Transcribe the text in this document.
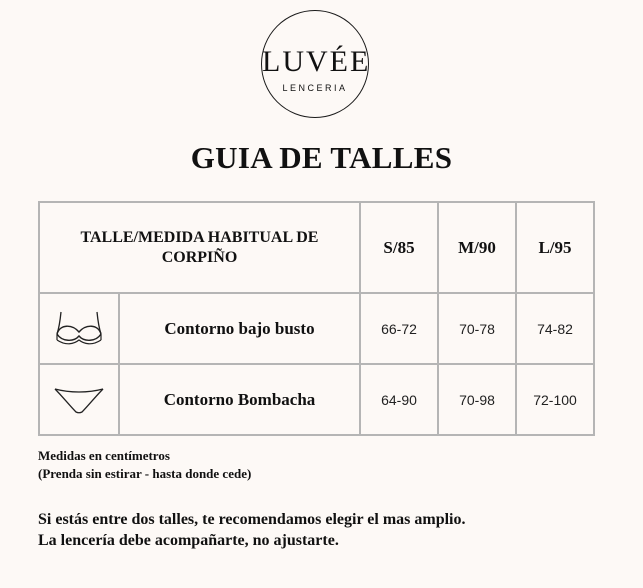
LUVÉE
LENCERIA
GUIA DE TALLES
TALLE/MEDIDA HABITUAL DE CORPIÑO		S/85	M/90	L/95

	Contorno bajo busto	66-72	70-78	74-82

	Contorno Bombacha	64-90	70-98	72-100
Medidas en centímetros
(Prenda sin estirar - hasta donde cede)
Si estás entre dos talles, te recomendamos elegir el mas amplio.
La lencería debe acompañarte, no ajustarte.
